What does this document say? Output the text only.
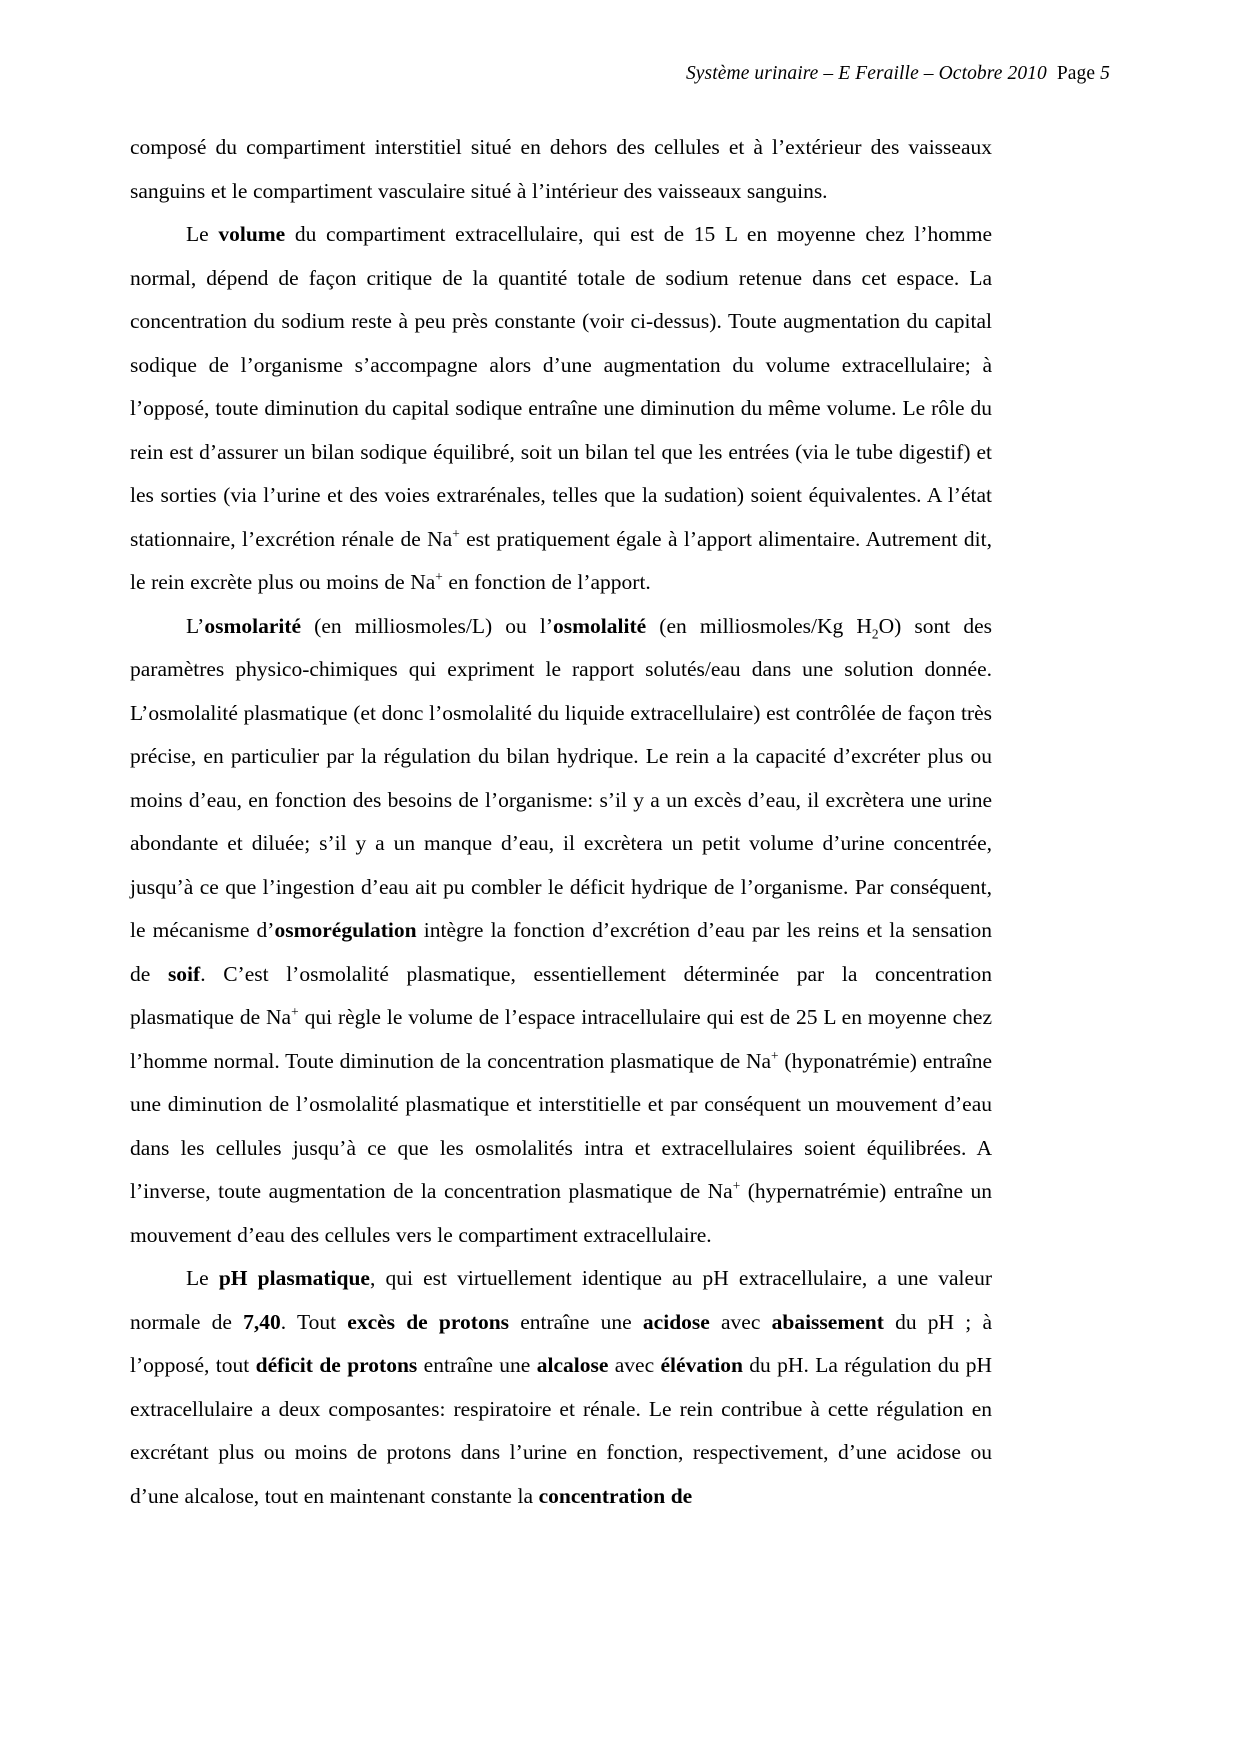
Système urinaire – E Feraille – Octobre 2010 Page 5

composé du compartiment interstitiel situé en dehors des cellules et à l’extérieur des vaisseaux sanguins et le compartiment vasculaire situé à l’intérieur des vaisseaux sanguins.

Le volume du compartiment extracellulaire, qui est de 15 L en moyenne chez l’homme normal, dépend de façon critique de la quantité totale de sodium retenue dans cet espace. La concentration du sodium reste à peu près constante (voir ci-dessus). Toute augmentation du capital sodique de l’organisme s’accompagne alors d’une augmentation du volume extracellulaire; à l’opposé, toute diminution du capital sodique entraîne une diminution du même volume. Le rôle du rein est d’assurer un bilan sodique équilibré, soit un bilan tel que les entrées (via le tube digestif) et les sorties (via l’urine et des voies extrarénales, telles que la sudation) soient équivalentes. A l’état stationnaire, l’excrétion rénale de Na+ est pratiquement égale à l’apport alimentaire. Autrement dit, le rein excrète plus ou moins de Na+ en fonction de l’apport.

L’osmolarité (en milliosmoles/L) ou l’osmolalité (en milliosmoles/Kg $H_2O$) sont des paramètres physico-chimiques qui expriment le rapport solutés/eau dans une solution donnée. L’osmolalité plasmatique (et donc l’osmolalité du liquide extracellulaire) est contrôlée de façon très précise, en particulier par la régulation du bilan hydrique. Le rein a la capacité d’excréter plus ou moins d’eau, en fonction des besoins de l’organisme: s’il y a un excès d’eau, il excrètera une urine abondante et diluée; s’il y a un manque d’eau, il excrètera un petit volume d’urine concentrée, jusqu’à ce que l’ingestion d’eau ait pu combler le déficit hydrique de l’organisme. Par conséquent, le mécanisme d’osmorégulation intègre la fonction d’excrétion d’eau par les reins et la sensation de soif. C’est l’osmolalité plasmatique, essentiellement déterminée par la concentration plasmatique de Na+ qui règle le volume de l’espace intracellulaire qui est de 25 L en moyenne chez l’homme normal. Toute diminution de la concentration plasmatique de Na+ (hyponatrémie) entraîne une diminution de l’osmolalité plasmatique et interstitielle et par conséquent un mouvement d’eau dans les cellules jusqu’à ce que les osmolalités intra et extracellulaires soient équilibrées. A l’inverse, toute augmentation de la concentration plasmatique de Na+ (hypernatrémie) entraîne un mouvement d’eau des cellules vers le compartiment extracellulaire.

Le pH plasmatique, qui est virtuellement identique au pH extracellulaire, a une valeur normale de 7,40. Tout excès de protons entraîne une acidose avec abaissement du pH ; à l’opposé, tout déficit de protons entraîne une alcalose avec élévation du pH. La régulation du pH extracellulaire a deux composantes: respiratoire et rénale. Le rein contribue à cette régulation en excrétant plus ou moins de protons dans l’urine en fonction, respectivement, d’une acidose ou d’une alcalose, tout en maintenant constante la concentration de
